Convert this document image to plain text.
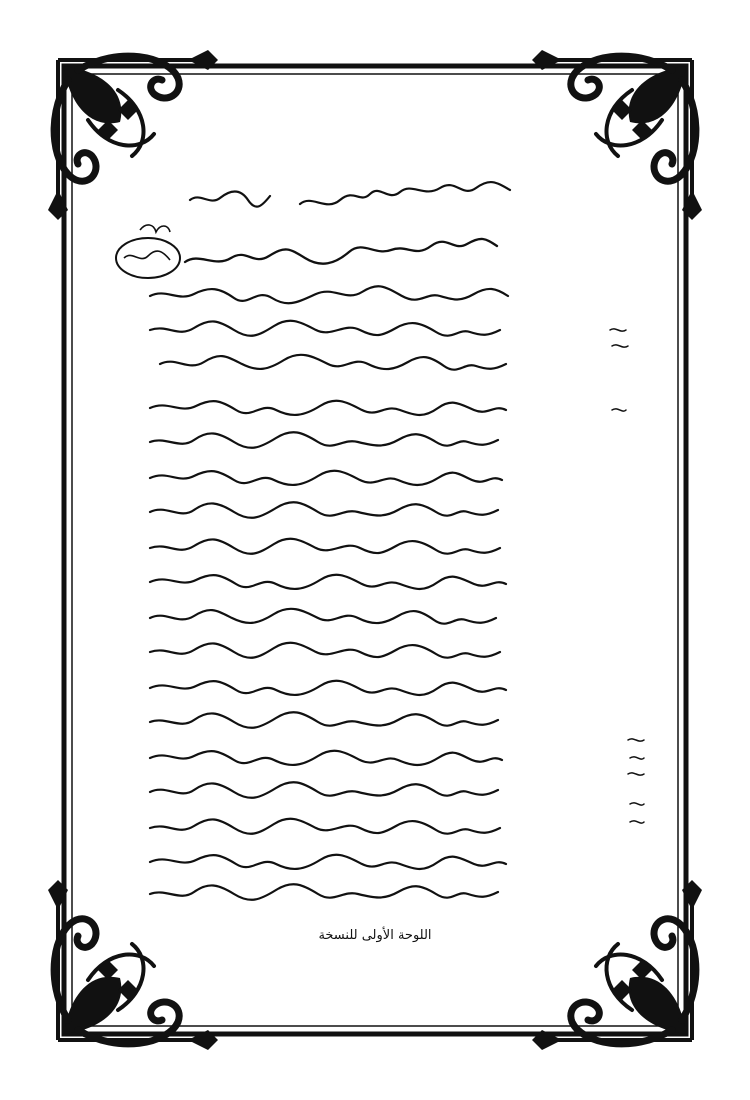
اللوحة الأولى للنسخة
